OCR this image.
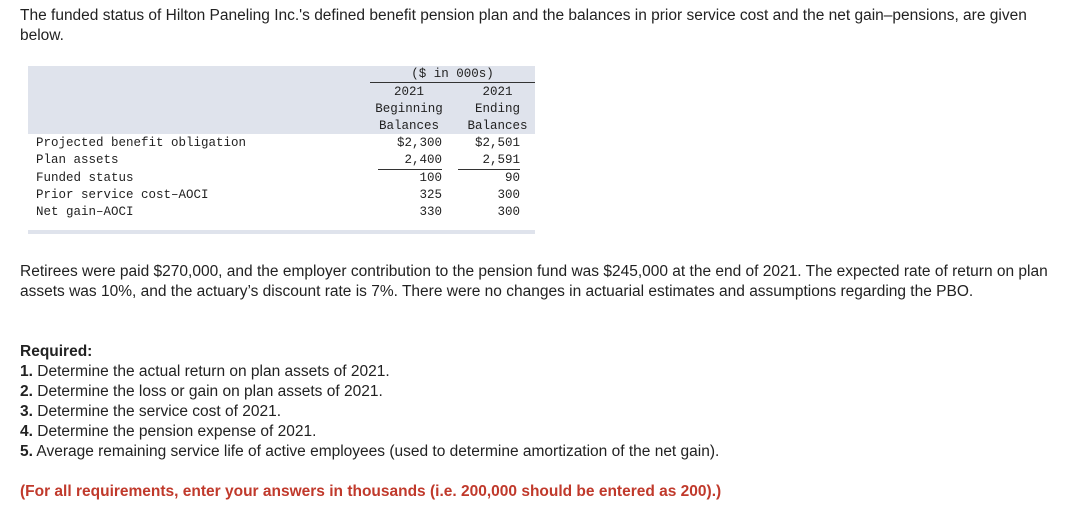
The funded status of Hilton Paneling Inc.'s defined benefit pension plan and the balances in prior service cost and the net gain–pensions, are given below.

($ in 000s)
2021	2021
Beginning	Ending
Balances	Balances
Projected benefit obligation	$2,300	$2,501
Plan assets	2,400	2,591
Funded status	100	90
Prior service cost–AOCI	325	300
Net gain–AOCI	330	300

Retirees were paid $270,000, and the employer contribution to the pension fund was $245,000 at the end of 2021. The expected rate of return on plan assets was 10%, and the actuary’s discount rate is 7%. There were no changes in actuarial estimates and assumptions regarding the PBO.

Required:
1. Determine the actual return on plan assets of 2021.
2. Determine the loss or gain on plan assets of 2021.
3. Determine the service cost of 2021.
4. Determine the pension expense of 2021.
5. Average remaining service life of active employees (used to determine amortization of the net gain).
(For all requirements, enter your answers in thousands (i.e. 200,000 should be entered as 200).)
